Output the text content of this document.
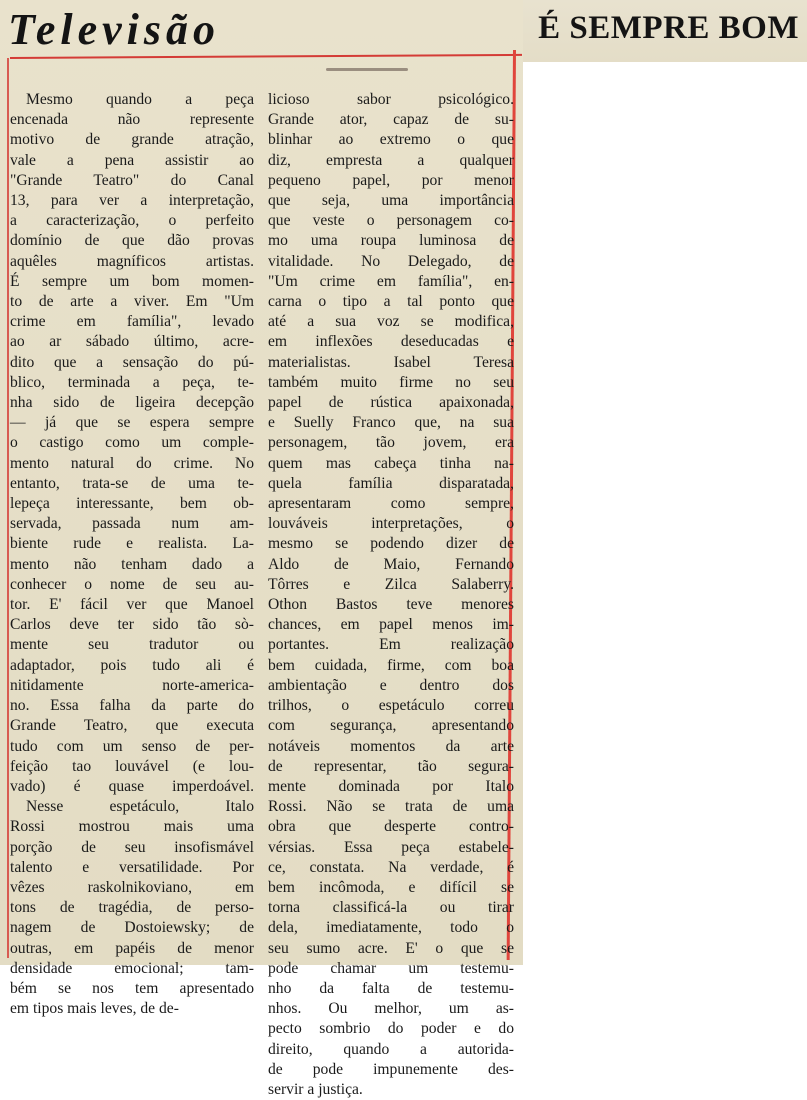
Televisão	É SEMPRE BOM
Mesmo quando a peça
encenada não represente
motivo de grande atração,
vale a pena assistir ao
"Grande Teatro" do Canal
13, para ver a interpretação,
a caracterização, o perfeito
domínio de que dão provas
aquêles magníficos artistas.
É sempre um bom momen-
to de arte a viver. Em "Um
crime em família", levado
ao ar sábado último, acre-
dito que a sensação do pú-
blico, terminada a peça, te-
nha sido de ligeira decepção
— já que se espera sempre
o castigo como um comple-
mento natural do crime. No
entanto, trata-se de uma te-
lepeça interessante, bem ob-
servada, passada num am-
biente rude e realista. La-
mento não tenham dado a
conhecer o nome de seu au-
tor. E' fácil ver que Manoel
Carlos deve ter sido tão sò-
mente seu tradutor ou
adaptador, pois tudo ali é
nitidamente norte-america-
no. Essa falha da parte do
Grande Teatro, que executa
tudo com um senso de per-
feição tao louvável (e lou-
vado) é quase imperdoável.
Nesse espetáculo, Italo
Rossi mostrou mais uma
porção de seu insofismável
talento e versatilidade. Por
vêzes raskolnikoviano, em
tons de tragédia, de perso-
nagem de Dostoiewsky; de
outras, em papéis de menor
densidade emocional; tam-
bém se nos tem apresentado
em tipos mais leves, de de-
licioso sabor psicológico.
Grande ator, capaz de su-
blinhar ao extremo o que
diz, empresta a qualquer
pequeno papel, por menor
que seja, uma importância
que veste o personagem co-
mo uma roupa luminosa de
vitalidade. No Delegado, de
"Um crime em família", en-
carna o tipo a tal ponto que
até a sua voz se modifica,
em inflexões deseducadas e
materialistas. Isabel Teresa
também muito firme no seu
papel de rústica apaixonada,
e Suelly Franco que, na sua
personagem, tão jovem, era
quem mas cabeça tinha na-
quela família disparatada,
apresentaram como sempre,
louváveis interpretações, o
mesmo se podendo dizer de
Aldo de Maio, Fernando
Tôrres e Zilca Salaberry.
Othon Bastos teve menores
chances, em papel menos im-
portantes. Em realização
bem cuidada, firme, com boa
ambientação e dentro dos
trilhos, o espetáculo correu
com segurança, apresentando
notáveis momentos da arte
de representar, tão segura-
mente dominada por Italo
Rossi. Não se trata de uma
obra que desperte contro-
vérsias. Essa peça estabele-
ce, constata. Na verdade, é
bem incômoda, e difícil se
torna classificá-la ou tirar
dela, imediatamente, todo o
seu sumo acre. E' o que se
pode chamar um testemu-
nho da falta de testemu-
nhos. Ou melhor, um as-
pecto sombrio do poder e do
direito, quando a autorida-
de pode impunemente des-
servir a justiça.
